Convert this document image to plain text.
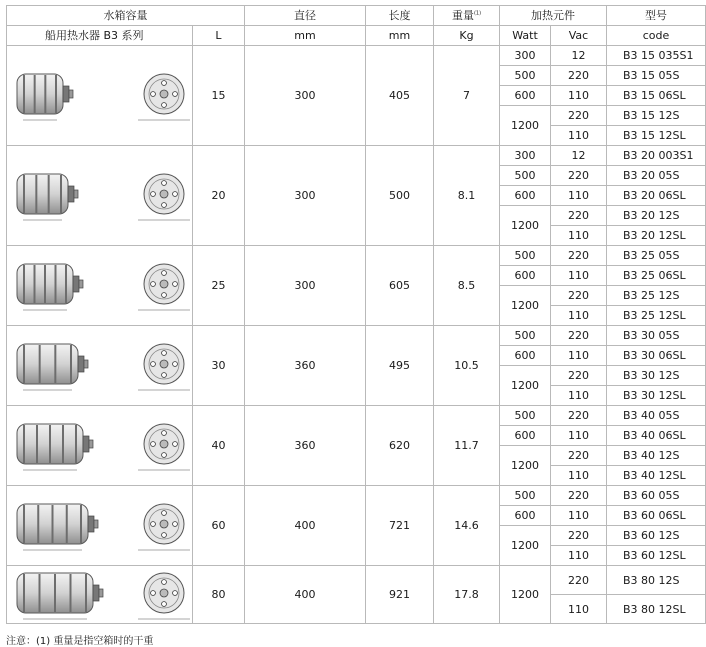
水箱容量		直径	长度	重量$^{(1)}$	加热元件		型号
船用热水器 B3 系列	L	mm	mm	Kg	Watt	Vac	code

	15	300	405	7	300	12	B3 15 035S1
					500	220	B3 15 05S
					600	110	B3 15 06SL
					1200	220	B3 15 12S
						110	B3 15 12SL

	20	300	500	8.1	300	12	B3 20 003S1
					500	220	B3 20 05S
					600	110	B3 20 06SL
					1200	220	B3 20 12S
						110	B3 20 12SL

	25	300	605	8.5	500	220	B3 25 05S
					600	110	B3 25 06SL
					1200	220	B3 25 12S
						110	B3 25 12SL

	30	360	495	10.5	500	220	B3 30 05S
					600	110	B3 30 06SL
					1200	220	B3 30 12S
						110	B3 30 12SL

	40	360	620	11.7	500	220	B3 40 05S
					600	110	B3 40 06SL
					1200	220	B3 40 12S
						110	B3 40 12SL

	60	400	721	14.6	500	220	B3 60 05S
					600	110	B3 60 06SL
					1200	220	B3 60 12S
						110	B3 60 12SL

	80	400	921	17.8	1200	220	B3 80 12S
						110	B3 80 12SL
注意：(1) 重量是指空箱时的干重
